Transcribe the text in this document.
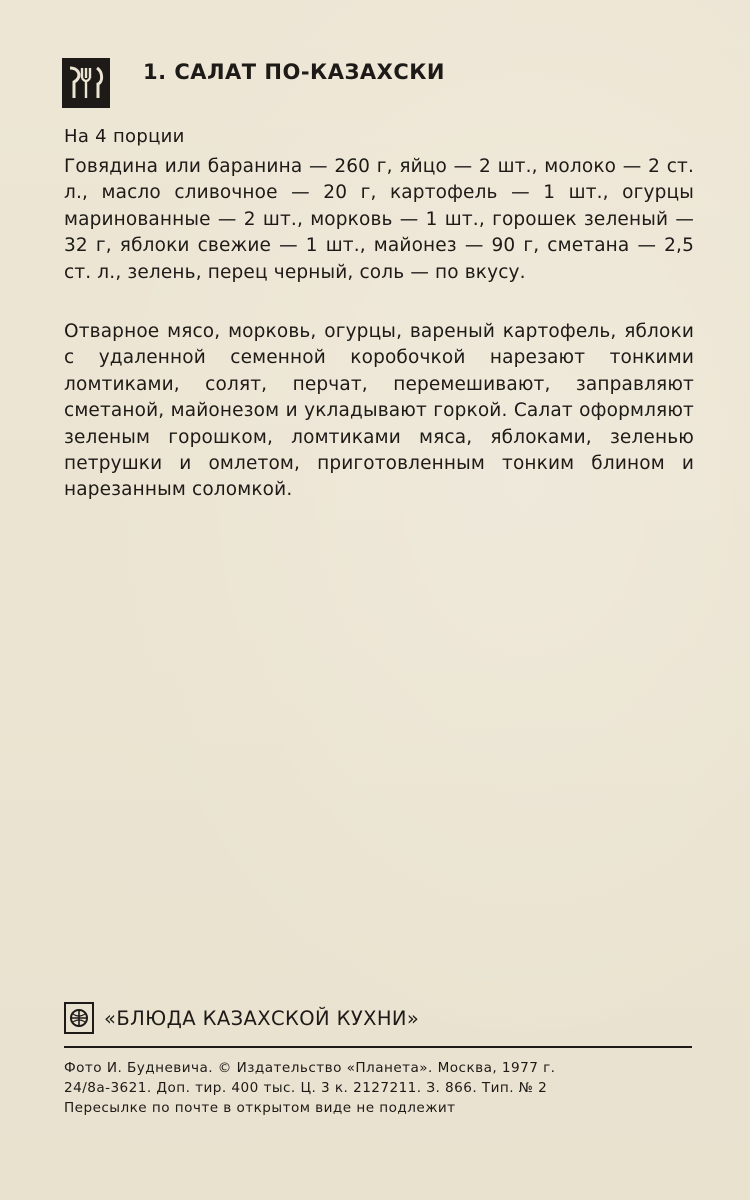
1. САЛАТ ПО-КАЗАХСКИ
На 4 порции
Говядина или баранина — 260 г, яйцо — 2 шт., молоко — 2 ст. л., масло сливочное — 20 г, картофель — 1 шт., огурцы маринованные — 2 шт., морковь — 1 шт., горошек зеленый — 32 г, яблоки свежие — 1 шт., майонез — 90 г, сметана — 2,5 ст. л., зелень, перец черный, соль — по вкусу.
Отварное мясо, морковь, огурцы, вареный картофель, яблоки с удаленной семенной коробочкой нарезают тонкими ломтиками, солят, перчат, перемешивают, заправляют сметаной, майонезом и укладывают горкой. Салат оформляют зеленым горошком, ломтиками мяса, яблоками, зеленью петрушки и омлетом, приготовленным тонким блином и нарезанным соломкой.
«БЛЮДА КАЗАХСКОЙ КУХНИ»
Фото И. Будневича. © Издательство «Планета». Москва, 1977 г.
24/8а-3621. Доп. тир. 400 тыс. Ц. 3 к. 2127211. З. 866. Тип. № 2
Пересылке по почте в открытом виде не подлежит
